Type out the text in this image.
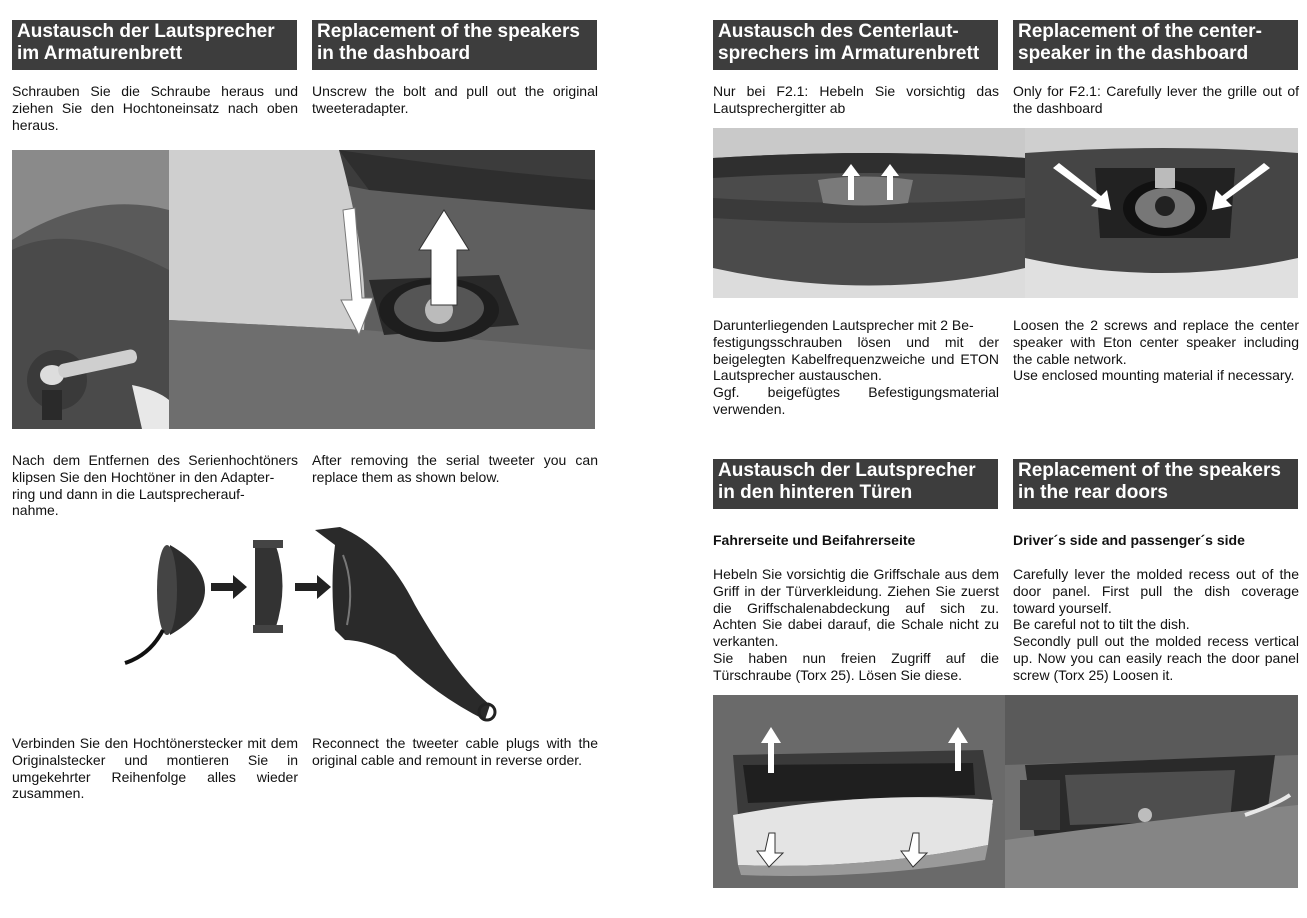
Austausch der Lautsprecher
im Armaturenbrett
Replacement of the speakers
in the dashboard
Schrauben Sie die Schraube heraus und ziehen Sie den Hochtoneinsatz nach oben heraus.
Unscrew the bolt and pull out the original tweeteradapter.
Nach dem Entfernen des Serienhochtöners klipsen Sie den Hochtöner in den Adapter-
ring und dann in die Lautsprecherauf-
nahme.
After removing the serial tweeter you can replace them as shown below.
Verbinden Sie den Hochtönerstecker mit dem Originalstecker und montieren Sie in umgekehrter Reihenfolge alles wieder zusammen.
Reconnect the tweeter cable plugs with the original cable and remount in reverse order.
Austausch des Centerlaut-
sprechers im Armaturenbrett
Replacement of the center-
speaker in the dashboard
Nur bei F2.1: Hebeln Sie vorsichtig das Lautsprechergitter ab
Only for F2.1: Carefully lever the grille out of the dashboard
Darunterliegenden Lautsprecher mit 2 Be-
festigungsschrauben lösen und mit der beigelegten Kabelfrequenzweiche und ETON Lautsprecher austauschen.
Ggf. beigefügtes Befestigungsmaterial verwenden.
Loosen the 2 screws and replace the center speaker with Eton center speaker including the cable network.
Use enclosed mounting material if necessary.
Austausch der Lautsprecher
in den hinteren Türen
Replacement of the speakers
in the rear doors
Fahrerseite und Beifahrerseite	Driver´s side and passenger´s side
Hebeln Sie vorsichtig die Griffschale aus dem Griff in der Türverkleidung. Ziehen Sie zuerst die Griffschalenabdeckung auf sich zu. Achten Sie dabei darauf, die Schale nicht zu verkanten.
Sie haben nun freien Zugriff auf die Türschraube (Torx 25). Lösen Sie diese.
Carefully lever the molded recess out of the door panel. First pull the dish coverage toward yourself.
Be careful not to tilt the dish.
Secondly pull out the molded recess vertical up. Now you can easily reach the door panel screw (Torx 25) Loosen it.
